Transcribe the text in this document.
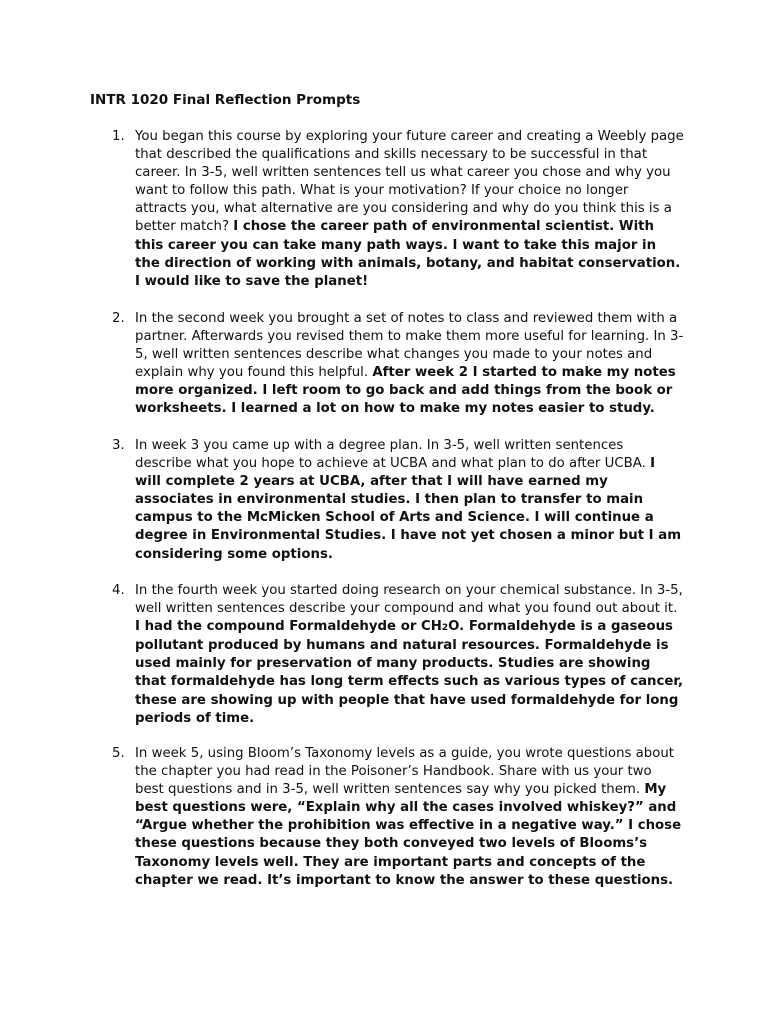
INTR 1020 Final Reflection Prompts
1. You began this course by exploring your future career and creating a Weebly page that described the qualifications and skills necessary to be successful in that career. In 3-5, well written sentences tell us what career you chose and why you want to follow this path. What is your motivation? If your choice no longer attracts you, what alternative are you considering and why do you think this is a better match? I chose the career path of environmental scientist. With this career you can take many path ways. I want to take this major in the direction of working with animals, botany, and habitat conservation. I would like to save the planet!
2. In the second week you brought a set of notes to class and reviewed them with a partner. Afterwards you revised them to make them more useful for learning. In 3-5, well written sentences describe what changes you made to your notes and explain why you found this helpful. After week 2 I started to make my notes more organized. I left room to go back and add things from the book or worksheets. I learned a lot on how to make my notes easier to study.
3. In week 3 you came up with a degree plan. In 3-5, well written sentences describe what you hope to achieve at UCBA and what plan to do after UCBA. I will complete 2 years at UCBA, after that I will have earned my associates in environmental studies. I then plan to transfer to main campus to the McMicken School of Arts and Science. I will continue a degree in Environmental Studies. I have not yet chosen a minor but I am considering some options.
4. In the fourth week you started doing research on your chemical substance. In 3-5, well written sentences describe your compound and what you found out about it. I had the compound Formaldehyde or CH2O. Formaldehyde is a gaseous pollutant produced by humans and natural resources. Formaldehyde is used mainly for preservation of many products. Studies are showing that formaldehyde has long term effects such as various types of cancer, these are showing up with people that have used formaldehyde for long periods of time.
5. In week 5, using Bloom’s Taxonomy levels as a guide, you wrote questions about the chapter you had read in the Poisoner’s Handbook. Share with us your two best questions and in 3-5, well written sentences say why you picked them. My best questions were, “Explain why all the cases involved whiskey?” and “Argue whether the prohibition was effective in a negative way.” I chose these questions because they both conveyed two levels of Blooms’s Taxonomy levels well. They are important parts and concepts of the chapter we read. It’s important to know the answer to these questions.
